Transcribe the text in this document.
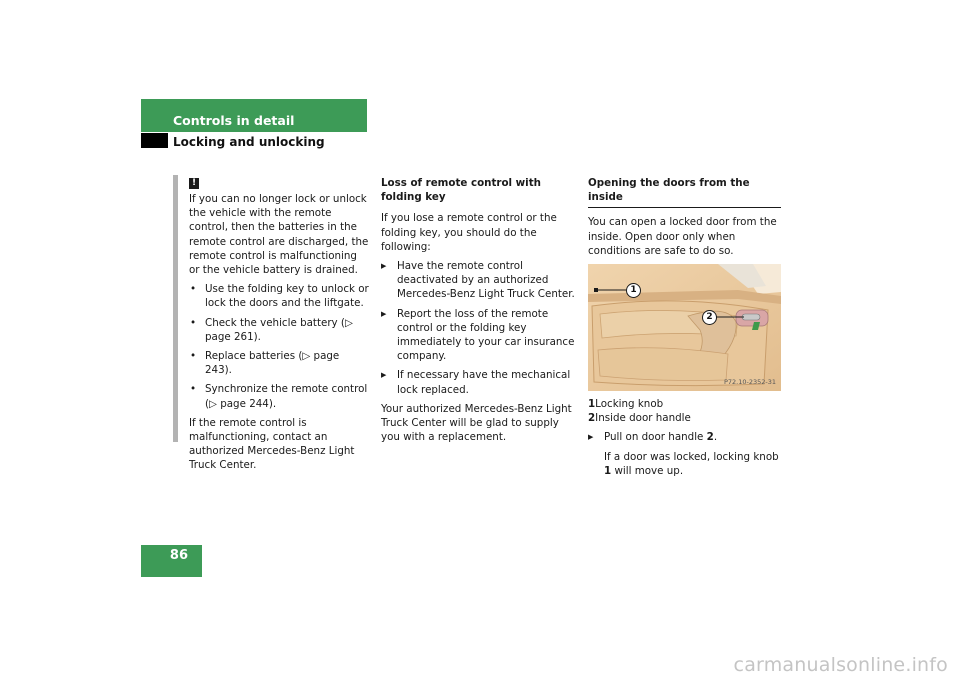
Controls in detail
Locking and unlocking
!

If you can no longer lock or unlock the vehicle with the remote control, then the batteries in the remote control are discharged, the remote control is malfunctioning or the vehicle battery is drained.

• Use the folding key to unlock or lock the doors and the liftgate.
• Check the vehicle battery (▷ page 261).
• Replace batteries (▷ page 243).
• Synchronize the remote control (▷ page 244).

If the remote control is malfunctioning, contact an authorized Mercedes-Benz Light Truck Center.

Loss of remote control with folding key

If you lose a remote control or the folding key, you should do the following:

▶ Have the remote control deactivated by an authorized Mercedes-Benz Light Truck Center.
▶ Report the loss of the remote control or the folding key immediately to your car insurance company.
▶ If necessary have the mechanical lock replaced.

Your authorized Mercedes-Benz Light Truck Center will be glad to supply you with a replacement.

Opening the doors from the inside

You can open a locked door from the inside. Open door only when conditions are safe to do so.

1
2
P72.10-2352-31
1Locking knob
2Inside door handle
▶ Pull on door handle 2.

If a door was locked, locking knob 1 will move up.

86
carmanualsonline.info
